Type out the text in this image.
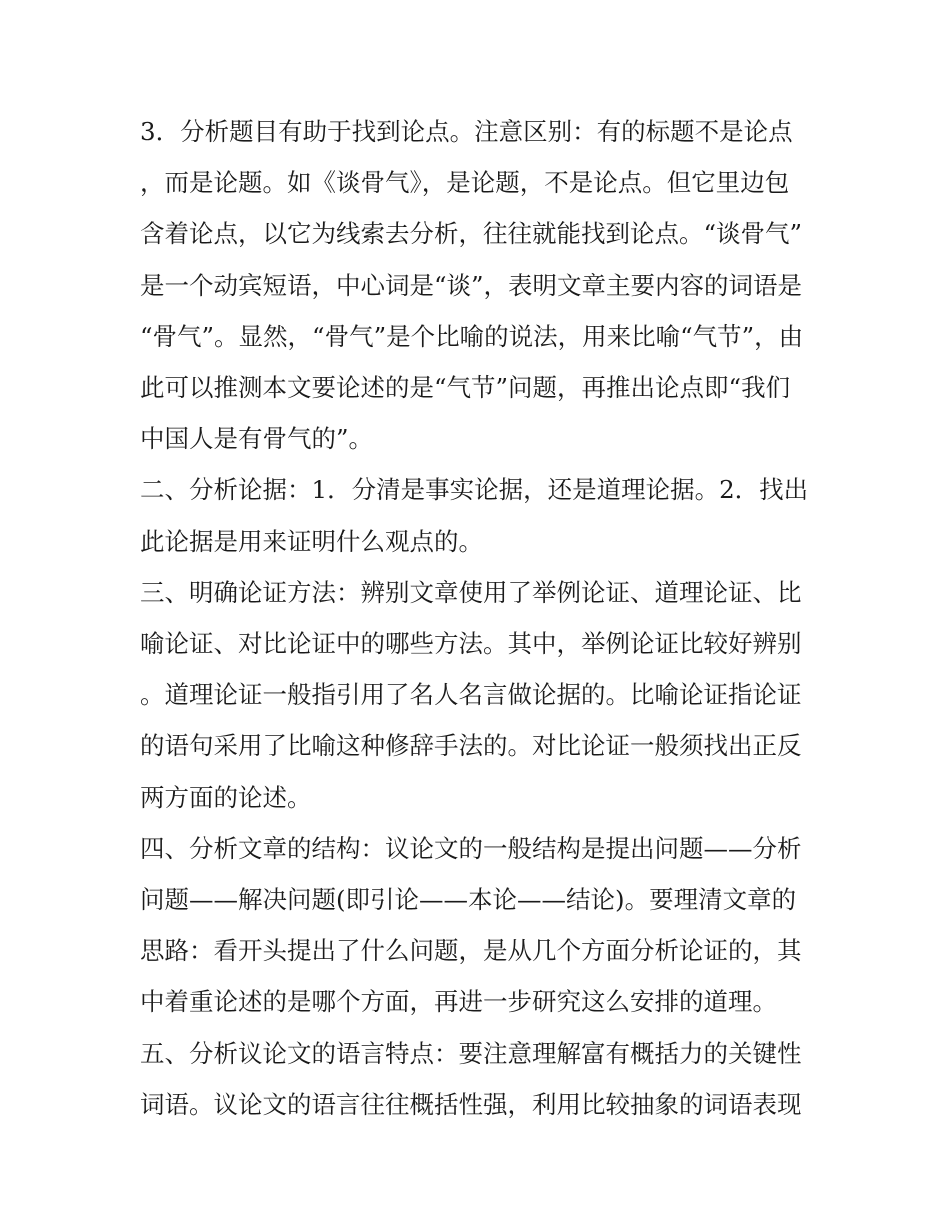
3．分析题目有助于找到论点。注意区别：有的标题不是论点，而是论题。如《谈骨气》，是论题，不是论点。但它里边包含着论点，以它为线索去分析，往往就能找到论点。“谈骨气”是一个动宾短语，中心词是“谈”，表明文章主要内容的词语是“骨气”。显然，“骨气”是个比喻的说法，用来比喻“气节”，由此可以推测本文要论述的是“气节”问题，再推出论点即“我们中国人是有骨气的”。

二、分析论据：1．分清是事实论据，还是道理论据。2．找出此论据是用来证明什么观点的。

三、明确论证方法：辨别文章使用了举例论证、道理论证、比喻论证、对比论证中的哪些方法。其中，举例论证比较好辨别。道理论证一般指引用了名人名言做论据的。比喻论证指论证的语句采用了比喻这种修辞手法的。对比论证一般须找出正反两方面的论述。

四、分析文章的结构：议论文的一般结构是提出问题——分析问题——解决问题(即引论——本论——结论)。要理清文章的思路：看开头提出了什么问题，是从几个方面分析论证的，其中着重论述的是哪个方面，再进一步研究这么安排的道理。

五、分析议论文的语言特点：要注意理解富有概括力的关键性词语。议论文的语言往往概括性强，利用比较抽象的词语表现
